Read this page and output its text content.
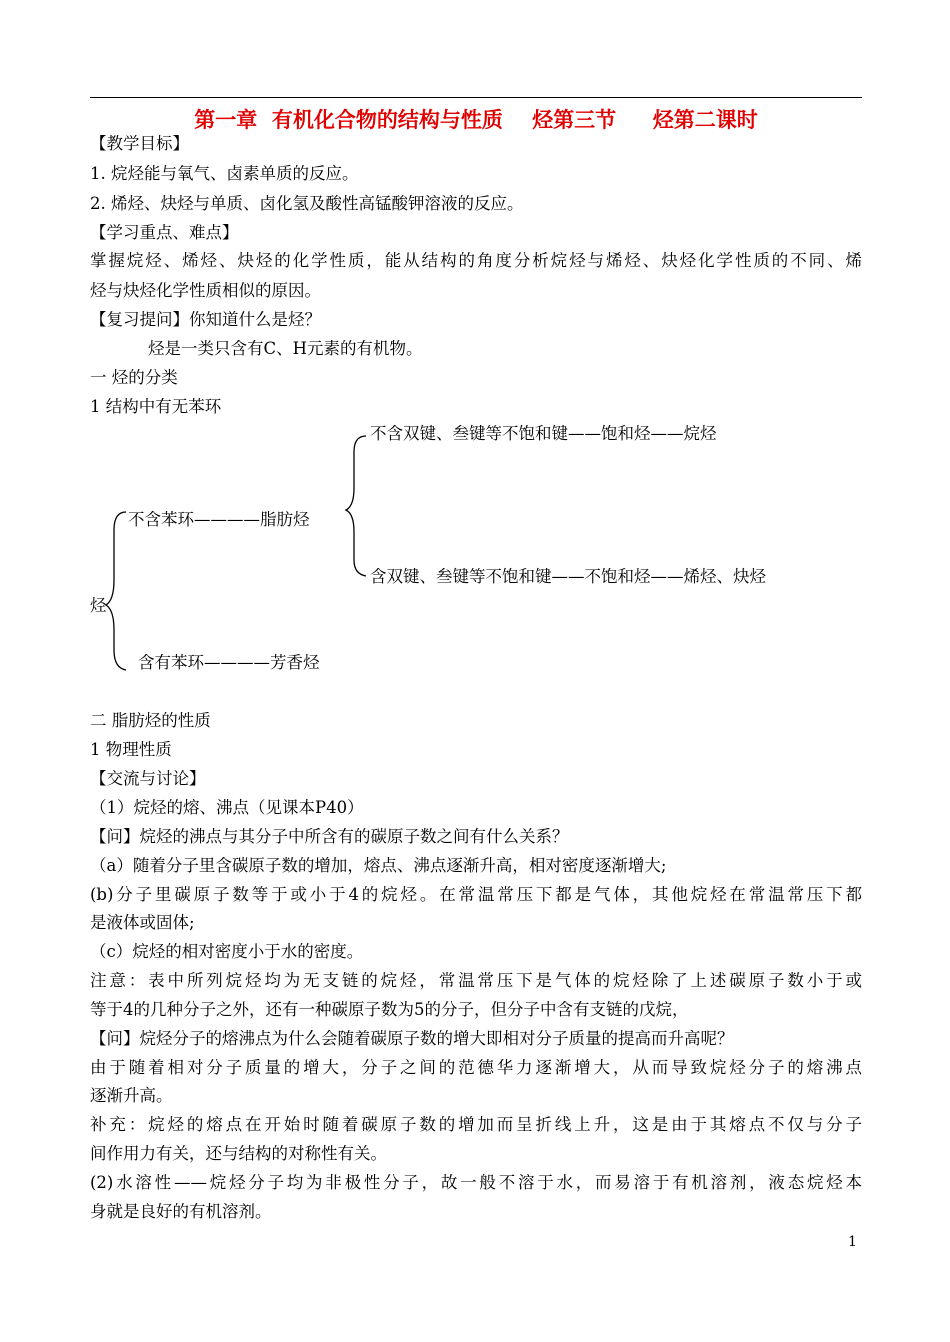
第一章  有机化合物的结构与性质    烃第三节     烃第二课时
【教学目标】
1. 烷烃能与氧气、卤素单质的反应。
2. 烯烃、炔烃与单质、卤化氢及酸性高锰酸钾溶液的反应。
【学习重点、难点】
掌握烷烃、烯烃、炔烃的化学性质，能从结构的角度分析烷烃与烯烃、炔烃化学性质的不同、烯
烃与炔烃化学性质相似的原因。
【复习提问】你知道什么是烃？
烃是一类只含有C、H元素的有机物。
一 烃的分类
1 结构中有无苯环
烃
不含苯环————脂肪烃
不含双键、叁键等不饱和键——饱和烃——烷烃
含双键、叁键等不饱和键——不饱和烃——烯烃、炔烃
含有苯环————芳香烃
二 脂肪烃的性质
1 物理性质
【交流与讨论】
（1）烷烃的熔、沸点（见课本P40）
【问】烷烃的沸点与其分子中所含有的碳原子数之间有什么关系？
（a）随着分子里含碳原子数的增加，熔点、沸点逐渐升高，相对密度逐渐增大;
(b)分子里碳原子数等于或小于4的烷烃。在常温常压下都是气体，其他烷烃在常温常压下都
是液体或固体;
（c）烷烃的相对密度小于水的密度。
注意：表中所列烷烃均为无支链的烷烃，常温常压下是气体的烷烃除了上述碳原子数小于或
等于4的几种分子之外，还有一种碳原子数为5的分子，但分子中含有支链的戊烷，
【问】烷烃分子的熔沸点为什么会随着碳原子数的增大即相对分子质量的提高而升高呢？
由于随着相对分子质量的增大，分子之间的范德华力逐渐增大，从而导致烷烃分子的熔沸点
逐渐升高。
补充：烷烃的熔点在开始时随着碳原子数的增加而呈折线上升，这是由于其熔点不仅与分子
间作用力有关，还与结构的对称性有关。
(2)水溶性——烷烃分子均为非极性分子，故一般不溶于水，而易溶于有机溶剂，液态烷烃本
身就是良好的有机溶剂。
1
